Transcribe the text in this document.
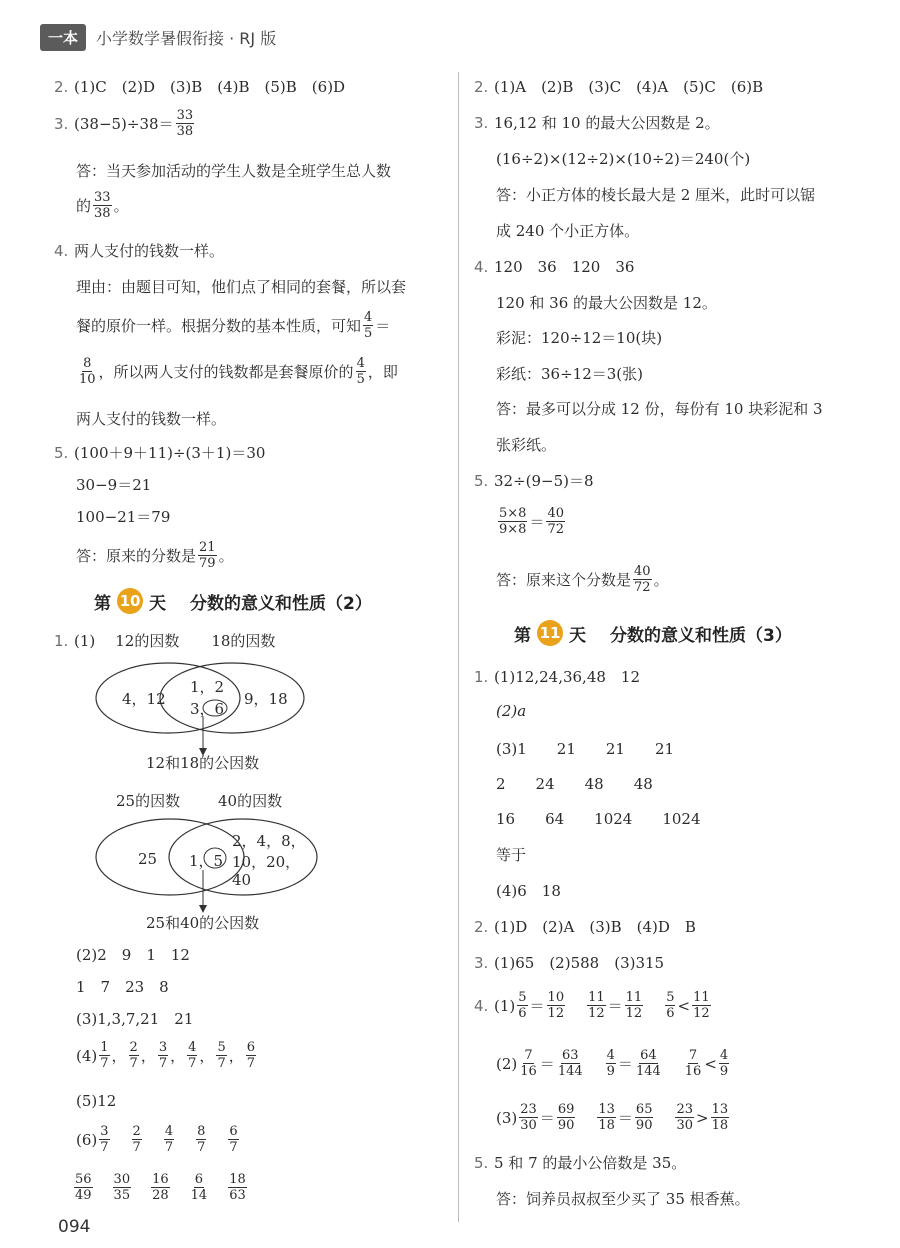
一本	小学数学暑假衔接 · RJ 版
2. (1)C　(2)D　(3)B　(4)B　(5)B　(6)D
3. $(38-5)\div 38= \frac{33}{38}$
答：当天参加活动的学生人数是全班学生总人数
的 $\frac{33}{38}$ 。
4. 两人支付的钱数一样。
理由：由题目可知，他们点了相同的套餐，所以套
餐的原价一样。根据分数的基本性质，可知 $\frac{4}{5}$ ＝
$\frac{8}{10}$ ，所以两人支付的钱数都是套餐原价的 $\frac{4}{5}$ ，即
两人支付的钱数一样。
5. (100＋9＋11)÷(3＋1)＝30
30−9＝21
100−21＝79
答：原来的分数是 $\frac{21}{79}$ 。
第 10 天 分数的意义和性质（2）
1. (1) 12的因数 18的因数
4，12
1，2
3，6
9，18
12和18的公因数
25的因数	40的因数
25 1，5
2，4，8，
10，20，
40
25和40的公因数
(2)2　9　1　12
1　7　23　8
(3)1,3,7,21　21
$(4) \frac{1}{7}$ ， $\frac{2}{7}$ ， $\frac{3}{7}$ ， $\frac{4}{7}$ ， $\frac{5}{7}$ ， $\frac{6}{7}$
(5)12
$(6) \frac{3}{7} \frac{2}{7} \frac{4}{7} \frac{8}{7} \frac{6}{7}$
$\frac{56}{49} \frac{30}{35} \frac{16}{28} \frac{6}{14} \frac{18}{63}$
2. (1)A　(2)B　(3)C　(4)A　(5)C　(6)B
3. 16,12 和 10 的最大公因数是 2。
(16÷2)×(12÷2)×(10÷2)＝240(个)
答：小正方体的棱长最大是 2 厘米，此时可以锯
成 240 个小正方体。
4. 120　36　120　36
120 和 36 的最大公因数是 12。
彩泥：120÷12＝10(块)
彩纸：36÷12＝3(张)
答：最多可以分成 12 份，每份有 10 块彩泥和 3
张彩纸。
5. 32÷(9−5)＝8
$\frac{5\times 8}{9\times 8} = \frac{40}{72}$
答：原来这个分数是 $\frac{40}{72}$ 。
第 11 天 分数的意义和性质（3）
1. (1)12,24,36,48　12
(2)a
(3)1　　21　　21　　21
2　　24　　48　　48
16　　64　　1024　　1024
等于
(4)6　18
2. (1)D　(2)A　(3)B　(4)D　B
3. (1)65　(2)588　(3)315
4. $(1) \frac{5}{6} = \frac{10}{12} \frac{11}{12} = \frac{11}{12} \frac{5}{6} < \frac{11}{12}$
$(2) \frac{7}{16} = \frac{63}{144} \frac{4}{9} = \frac{64}{144} \frac{7}{16} < \frac{4}{9}$
$(3) \frac{23}{30} = \frac{69}{90} \frac{13}{18} = \frac{65}{90} \frac{23}{30} > \frac{13}{18}$
5. 5 和 7 的最小公倍数是 35。
答：饲养员叔叔至少买了 35 根香蕉。
094
